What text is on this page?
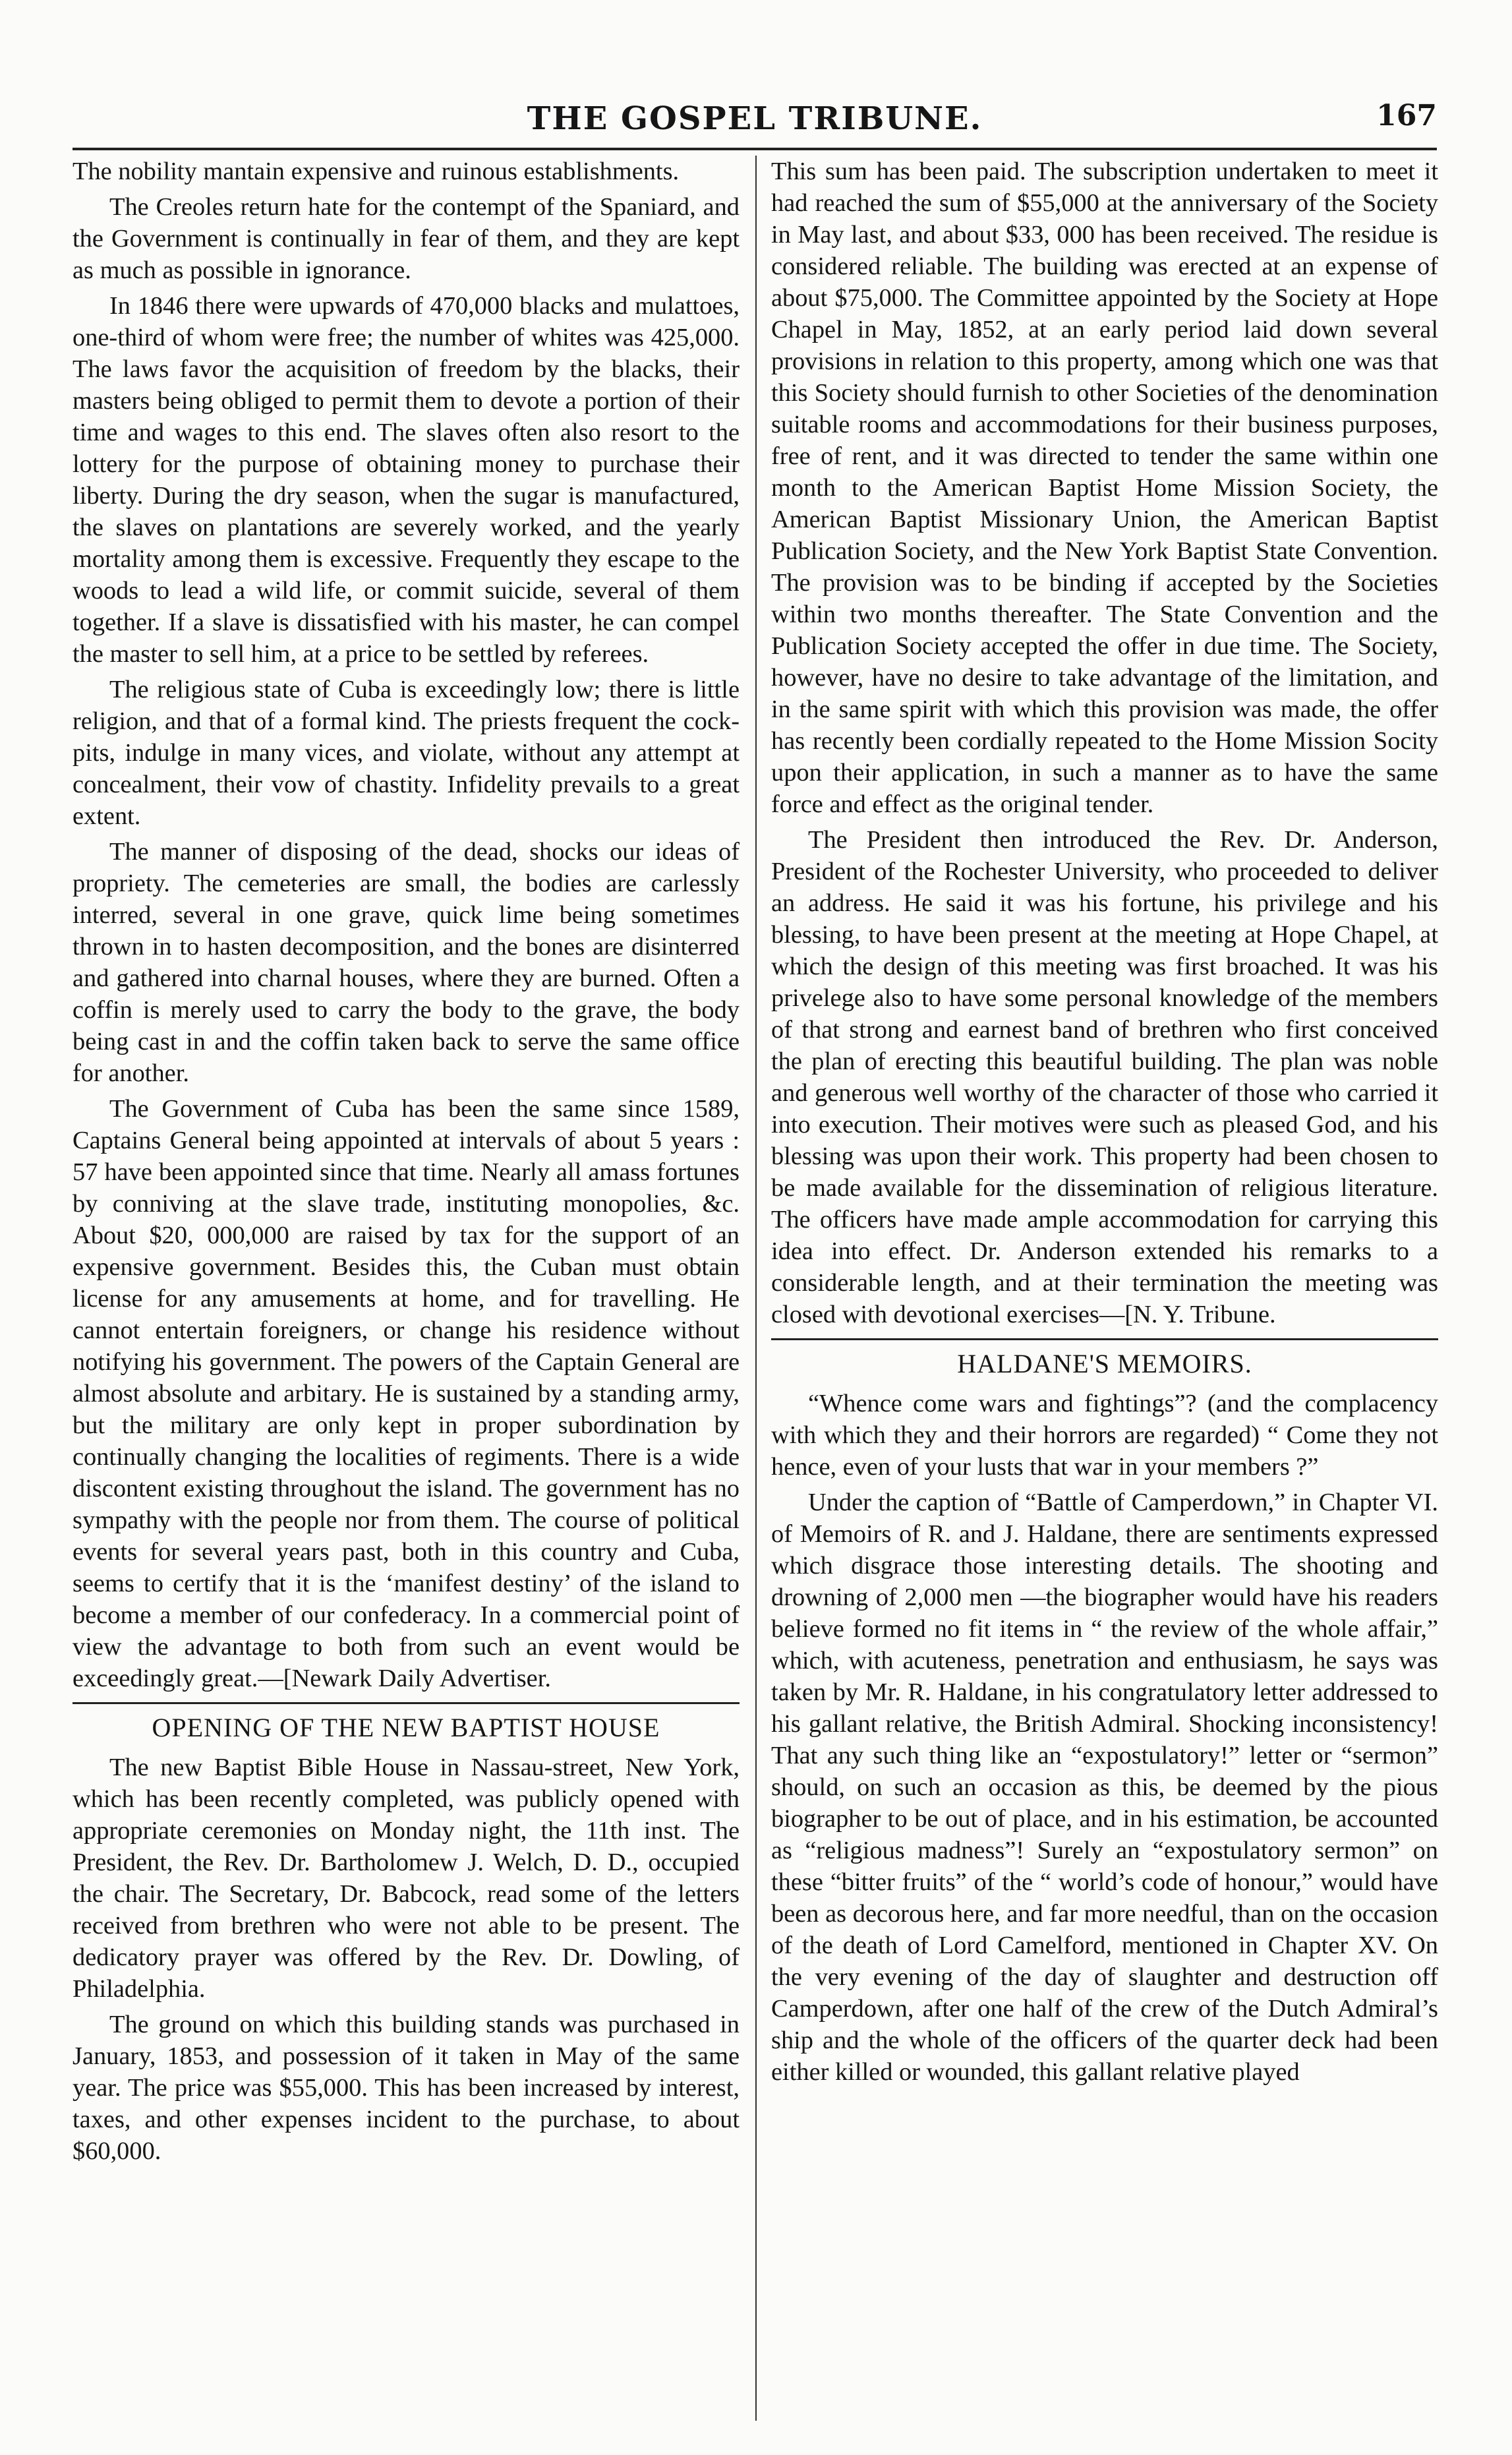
THE GOSPEL TRIBUNE.	167

The nobility mantain expensive and ruinous establishments.

The Creoles return hate for the contempt of the Spaniard, and the Government is continually in fear of them, and they are kept as much as possible in ignorance.

In 1846 there were upwards of 470,000 blacks and mulattoes, one-third of whom were free; the number of whites was 425,000. The laws favor the acquisition of freedom by the blacks, their masters being obliged to permit them to devote a portion of their time and wages to this end. The slaves often also resort to the lottery for the purpose of obtaining money to purchase their liberty. During the dry season, when the sugar is manufactured, the slaves on plantations are severely worked, and the yearly mortality among them is excessive. Frequently they escape to the woods to lead a wild life, or commit suicide, several of them together. If a slave is dissatisfied with his master, he can compel the master to sell him, at a price to be settled by referees.

The religious state of Cuba is exceedingly low; there is little religion, and that of a formal kind. The priests frequent the cock-pits, indulge in many vices, and violate, without any attempt at concealment, their vow of chastity. Infidelity prevails to a great extent.

The manner of disposing of the dead, shocks our ideas of propriety. The cemeteries are small, the bodies are carlessly interred, several in one grave, quick lime being sometimes thrown in to hasten decomposition, and the bones are disinterred and gathered into charnal houses, where they are burned. Often a coffin is merely used to carry the body to the grave, the body being cast in and the coffin taken back to serve the same office for another.

The Government of Cuba has been the same since 1589, Captains General being appointed at intervals of about 5 years : 57 have been appointed since that time. Nearly all amass fortunes by conniving at the slave trade, instituting monopolies, &c. About $20, 000,000 are raised by tax for the support of an expensive government. Besides this, the Cuban must obtain license for any amusements at home, and for travelling. He cannot entertain foreigners, or change his residence without notifying his government. The powers of the Captain General are almost absolute and arbitary. He is sustained by a standing army, but the military are only kept in proper subordination by continually changing the localities of regiments. There is a wide discontent existing throughout the island. The government has no sympathy with the people nor from them. The course of political events for several years past, both in this country and Cuba, seems to certify that it is the ‘manifest destiny’ of the island to become a member of our confederacy. In a commercial point of view the advantage to both from such an event would be exceedingly great.—[Newark Daily Advertiser.

OPENING OF THE NEW BAPTIST HOUSE

The new Baptist Bible House in Nassau-street, New York, which has been recently completed, was publicly opened with appropriate ceremonies on Monday night, the 11th inst. The President, the Rev. Dr. Bartholomew J. Welch, D. D., occupied the chair. The Secretary, Dr. Babcock, read some of the letters received from brethren who were not able to be present. The dedicatory prayer was offered by the Rev. Dr. Dowling, of Philadelphia.

The ground on which this building stands was purchased in January, 1853, and possession of it taken in May of the same year. The price was $55,000. This has been increased by interest, taxes, and other expenses incident to the purchase, to about $60,000.

This sum has been paid. The subscription undertaken to meet it had reached the sum of $55,000 at the anniversary of the Society in May last, and about $33, 000 has been received. The residue is considered reliable. The building was erected at an expense of about $75,000. The Committee appointed by the Society at Hope Chapel in May, 1852, at an early period laid down several provisions in relation to this property, among which one was that this Society should furnish to other Societies of the denomination suitable rooms and accommodations for their business purposes, free of rent, and it was directed to tender the same within one month to the American Baptist Home Mission Society, the American Baptist Missionary Union, the American Baptist Publication Society, and the New York Baptist State Convention. The provision was to be binding if accepted by the Societies within two months thereafter. The State Convention and the Publication Society accepted the offer in due time. The Society, however, have no desire to take advantage of the limitation, and in the same spirit with which this provision was made, the offer has recently been cordially repeated to the Home Mission Socity upon their application, in such a manner as to have the same force and effect as the original tender.

The President then introduced the Rev. Dr. Anderson, President of the Rochester University, who proceeded to deliver an address. He said it was his fortune, his privilege and his blessing, to have been present at the meeting at Hope Chapel, at which the design of this meeting was first broached. It was his privelege also to have some personal knowledge of the members of that strong and earnest band of brethren who first conceived the plan of erecting this beautiful building. The plan was noble and generous well worthy of the character of those who carried it into execution. Their motives were such as pleased God, and his blessing was upon their work. This property had been chosen to be made available for the dissemination of religious literature. The officers have made ample accommodation for carrying this idea into effect. Dr. Anderson extended his remarks to a considerable length, and at their termination the meeting was closed with devotional exercises—[N. Y. Tribune.

HALDANE'S MEMOIRS.

“Whence come wars and fightings”? (and the complacency with which they and their horrors are regarded) “ Come they not hence, even of your lusts that war in your members ?”

Under the caption of “Battle of Camperdown,” in Chapter VI. of Memoirs of R. and J. Haldane, there are sentiments expressed which disgrace those interesting details. The shooting and drowning of 2,000 men —the biographer would have his readers believe formed no fit items in “ the review of the whole affair,” which, with acuteness, penetration and enthusiasm, he says was taken by Mr. R. Haldane, in his congratulatory letter addressed to his gallant relative, the British Admiral. Shocking inconsistency! That any such thing like an “expostulatory!” letter or “sermon” should, on such an occasion as this, be deemed by the pious biographer to be out of place, and in his estimation, be accounted as “religious madness”! Surely an “expostulatory sermon” on these “bitter fruits” of the “ world’s code of honour,” would have been as decorous here, and far more needful, than on the occasion of the death of Lord Camelford, mentioned in Chapter XV. On the very evening of the day of slaughter and destruction off Camperdown, after one half of the crew of the Dutch Admiral’s ship and the whole of the officers of the quarter deck had been either killed or wounded, this gallant relative played
